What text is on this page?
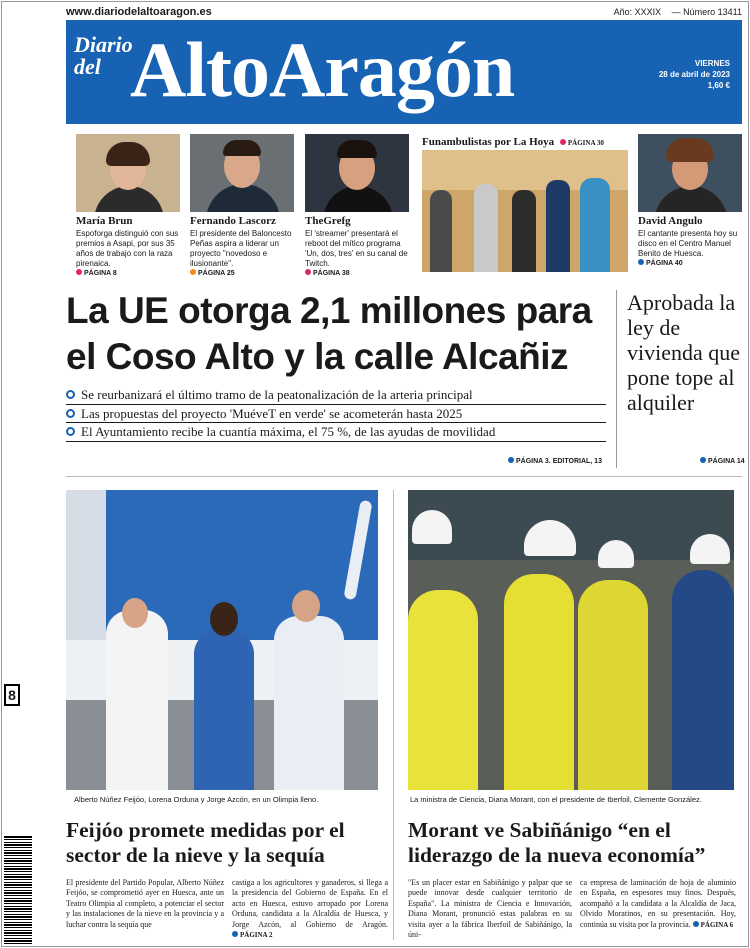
www.diariodelaltoaragon.es	Año: XXXIX — Número 13411
Diario
del AltoAragón	VIERNES
28 de abril de 2023
1,60 €
María Brun
Espoforga distinguió con sus premios a Asapi, por sus 35 años de trabajo con la raza pirenaica.
PÁGINA 8
Fernando Lascorz
El presidente del Baloncesto Peñas aspira a liderar un proyecto "novedoso e ilusionante".
PÁGINA 25
TheGrefg
El 'streamer' presentará el reboot del mítico programa 'Un, dos, tres' en su canal de Twitch.
PÁGINA 38
Funambulistas por La Hoya PÁGINA 30
David Angulo
El cantante presenta hoy su disco en el Centro Manuel Benito de Huesca.
PÁGINA 40
La UE otorga 2,1 millones para el Coso Alto y la calle Alcañiz
Se reurbanizará el último tramo de la peatonalización de la arteria principal
Las propuestas del proyecto 'MuéveT en verde' se acometerán hasta 2025
El Ayuntamiento recibe la cuantía máxima, el 75 %, de las ayudas de movilidad
PÁGINA 3. EDITORIAL, 13
Aprobada la ley de vivienda que pone tope al alquiler
PÁGINA 14
Alberto Núñez Feijóo, Lorena Orduna y Jorge Azcón, en un Olimpia lleno.	La ministra de Ciencia, Diana Morant, con el presidente de Iberfoil, Clemente González.
Feijóo promete medidas por el sector de la nieve y la sequía
El presidente del Partido Popular, Alberto Núñez Feijóo, se comprometió ayer en Huesca, ante un Teatro Olimpia al completo, a potenciar el sector y las instalaciones de la nieve en la provincia y a luchar contra la sequía que
castiga a los agricultores y ganaderos, si llega a la presidencia del Gobierno de España. En el acto en Huesca, estuvo arropado por Lorena Orduna, candidata a la Alcaldía de Huesca, y Jorge Azcón, al Gobierno de Aragón. PÁGINA 2
Morant ve Sabiñánigo “en el liderazgo de la nueva economía”
"Es un placer estar en Sabiñánigo y palpar que se puede innovar desde cualquier territorio de España". La ministra de Ciencia e Innovación, Diana Morant, pronunció estas palabras en su visita ayer a la fábrica Iberfoil de Sabiñánigo, la úni-
ca empresa de laminación de hoja de aluminio en España, en espesores muy finos. Después, acompañó a la candidata a la Alcaldía de Jaca, Olvido Moratinos, en su presentación. Hoy, continúa su visita por la provincia. PÁGINA 6
8
